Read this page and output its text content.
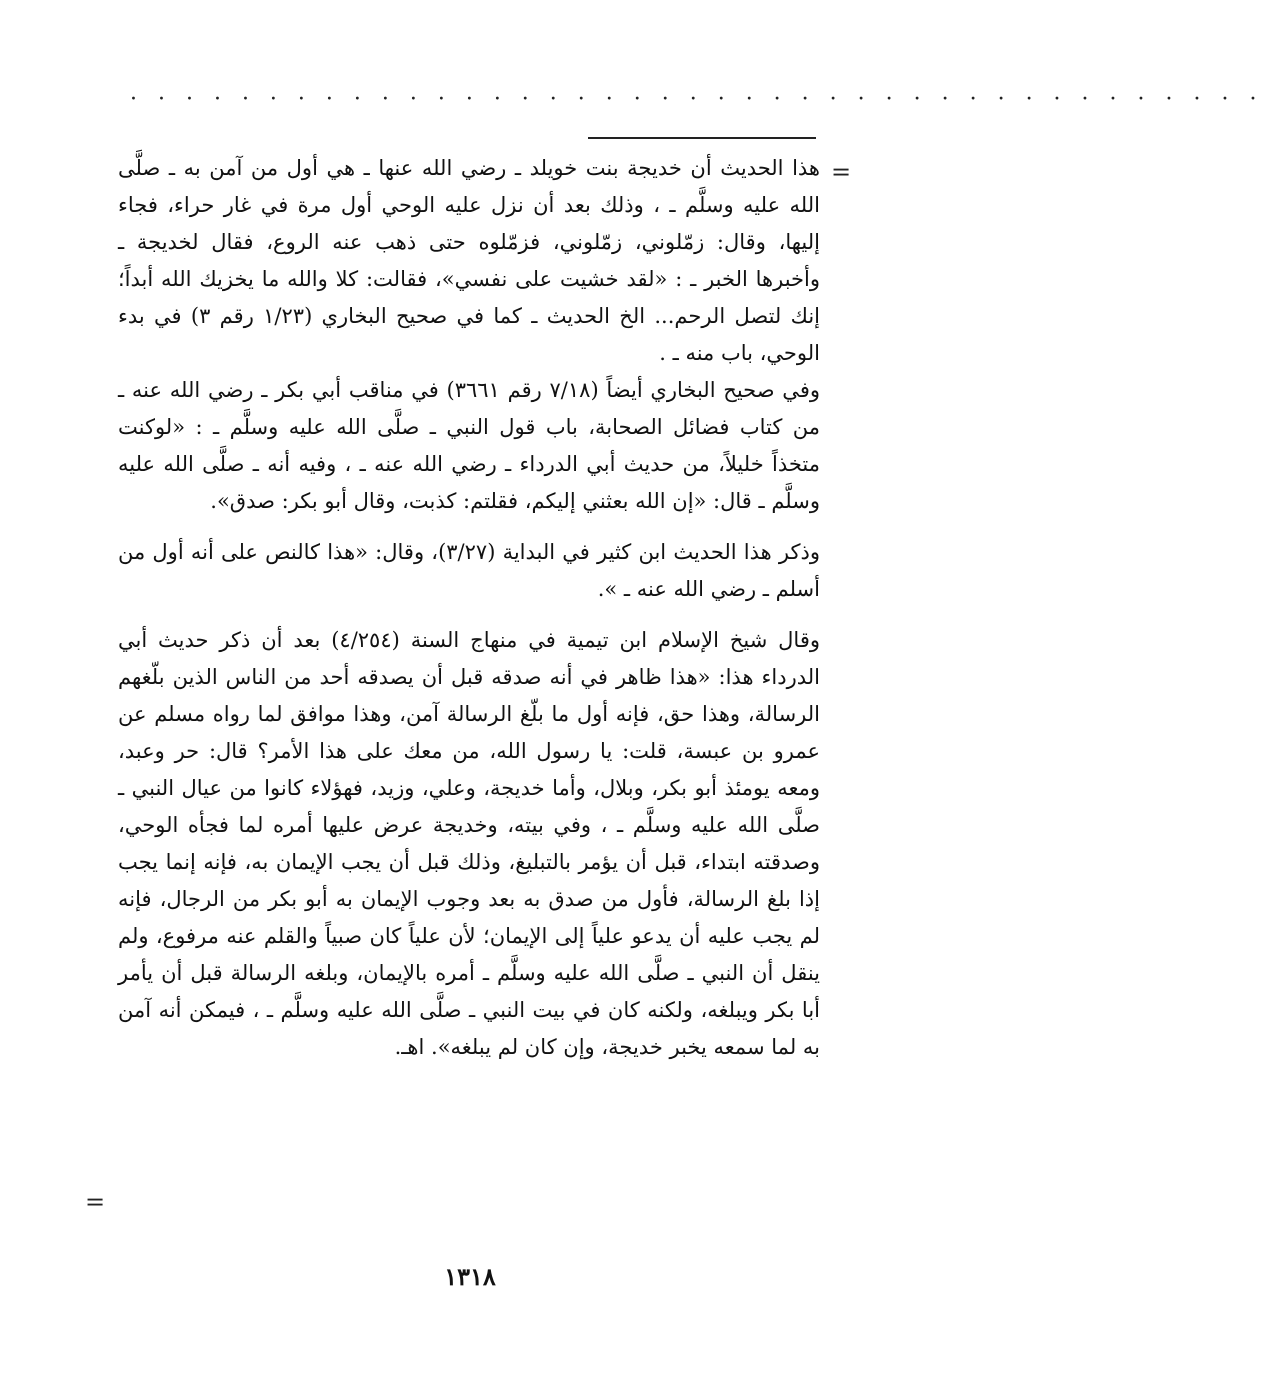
· · · · · · · · · · · · · · · · · · · · · · · · · · · · · · · · · · · · · · · · ·
=

هذا الحديث أن خديجة بنت خويلد ـ رضي الله عنها ـ هي أول من آمن به ـ صلَّى الله عليه وسلَّم ـ ، وذلك بعد أن نزل عليه الوحي أول مرة في غار حراء، فجاء إليها، وقال: زمّلوني، زمّلوني، فزمّلوه حتى ذهب عنه الروع، فقال لخديجة ـ وأخبرها الخبر ـ : «لقد خشيت على نفسي»، فقالت: كلا والله ما يخزيك الله أبداً؛ إنك لتصل الرحم... الخ الحديث ـ كما في صحيح البخاري (١/٢٣ رقم ٣) في بدء الوحي، باب منه ـ .

وفي صحيح البخاري أيضاً (٧/١٨ رقم ٣٦٦١) في مناقب أبي بكر ـ رضي الله عنه ـ من كتاب فضائل الصحابة، باب قول النبي ـ صلَّى الله عليه وسلَّم ـ : «لوكنت متخذاً خليلاً، من حديث أبي الدرداء ـ رضي الله عنه ـ ، وفيه أنه ـ صلَّى الله عليه وسلَّم ـ قال: «إن الله بعثني إليكم، فقلتم: كذبت، وقال أبو بكر: صدق».

وذكر هذا الحديث ابن كثير في البداية (٣/٢٧)، وقال: «هذا كالنص على أنه أول من أسلم ـ رضي الله عنه ـ ».

وقال شيخ الإسلام ابن تيمية في منهاج السنة (٤/٢٥٤) بعد أن ذكر حديث أبي الدرداء هذا: «هذا ظاهر في أنه صدقه قبل أن يصدقه أحد من الناس الذين بلّغهم الرسالة، وهذا حق، فإنه أول ما بلّغ الرسالة آمن، وهذا موافق لما رواه مسلم عن عمرو بن عبسة، قلت: يا رسول الله، من معك على هذا الأمر؟ قال: حر وعبد، ومعه يومئذ أبو بكر، وبلال، وأما خديجة، وعلي، وزيد، فهؤلاء كانوا من عيال النبي ـ صلَّى الله عليه وسلَّم ـ ، وفي بيته، وخديجة عرض عليها أمره لما فجأه الوحي، وصدقته ابتداء، قبل أن يؤمر بالتبليغ، وذلك قبل أن يجب الإيمان به، فإنه إنما يجب إذا بلغ الرسالة، فأول من صدق به بعد وجوب الإيمان به أبو بكر من الرجال، فإنه لم يجب عليه أن يدعو علياً إلى الإيمان؛ لأن علياً كان صبياً والقلم عنه مرفوع، ولم ينقل أن النبي ـ صلَّى الله عليه وسلَّم ـ أمره بالإيمان، وبلغه الرسالة قبل أن يأمر أبا بكر ويبلغه، ولكنه كان في بيت النبي ـ صلَّى الله عليه وسلَّم ـ ، فيمكن أنه آمن به لما سمعه يخبر خديجة، وإن كان لم يبلغه». اهـ.

=
١٣١٨
